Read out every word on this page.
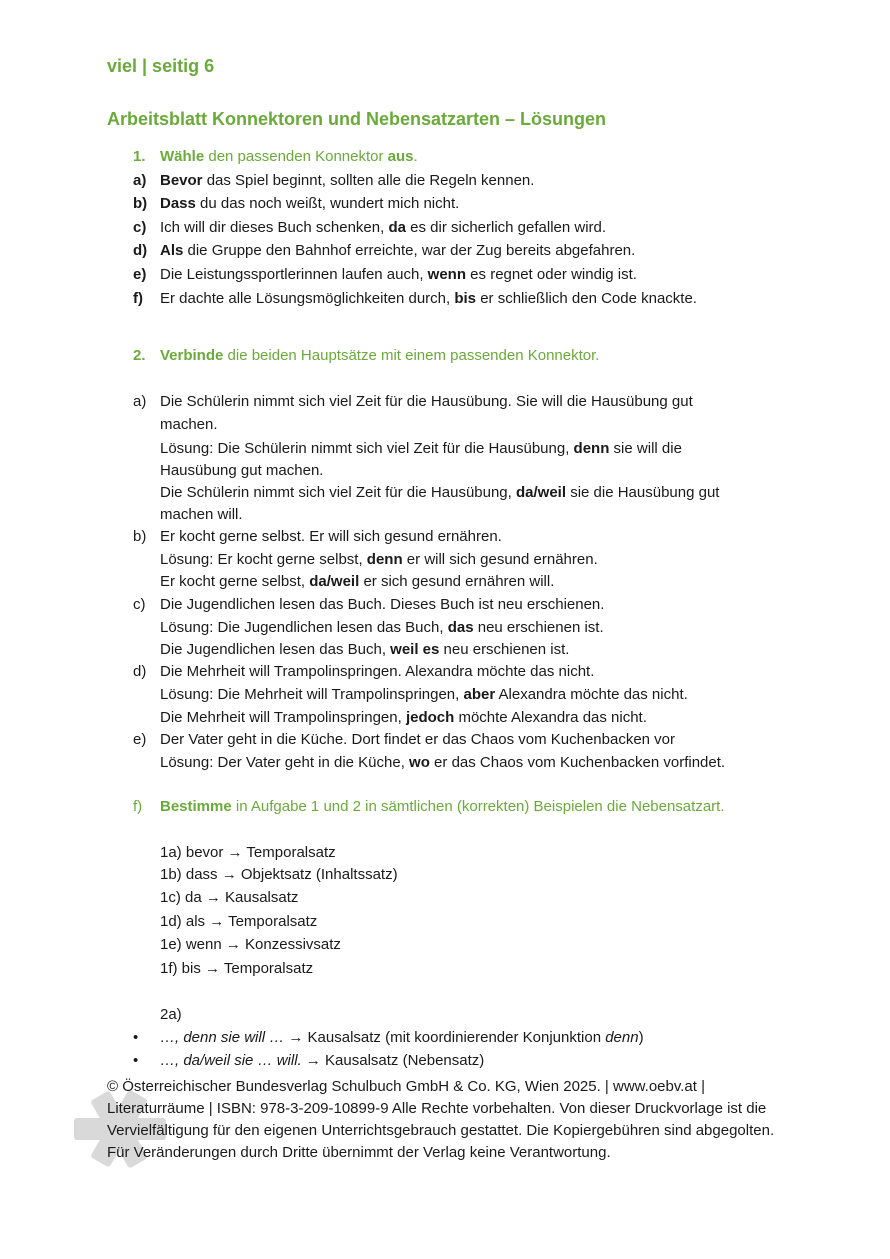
viel | seitig 6
Arbeitsblatt Konnektoren und Nebensatzarten – Lösungen
1. Wähle den passenden Konnektor aus.
a) Bevor das Spiel beginnt, sollten alle die Regeln kennen.
b) Dass du das noch weißt, wundert mich nicht.
c) Ich will dir dieses Buch schenken, da es dir sicherlich gefallen wird.
d) Als die Gruppe den Bahnhof erreichte, war der Zug bereits abgefahren.
e) Die Leistungssportlerinnen laufen auch, wenn es regnet oder windig ist.
f) Er dachte alle Lösungsmöglichkeiten durch, bis er schließlich den Code knackte.
2. Verbinde die beiden Hauptsätze mit einem passenden Konnektor.
a) Die Schülerin nimmt sich viel Zeit für die Hausübung. Sie will die Hausübung gut
machen.
Lösung: Die Schülerin nimmt sich viel Zeit für die Hausübung, denn sie will die
Hausübung gut machen.
Die Schülerin nimmt sich viel Zeit für die Hausübung, da/weil sie die Hausübung gut
machen will.
b) Er kocht gerne selbst. Er will sich gesund ernähren.
Lösung: Er kocht gerne selbst, denn er will sich gesund ernähren.
Er kocht gerne selbst, da/weil er sich gesund ernähren will.
c) Die Jugendlichen lesen das Buch. Dieses Buch ist neu erschienen.
Lösung: Die Jugendlichen lesen das Buch, das neu erschienen ist.
Die Jugendlichen lesen das Buch, weil es neu erschienen ist.
d) Die Mehrheit will Trampolinspringen. Alexandra möchte das nicht.
Lösung: Die Mehrheit will Trampolinspringen, aber Alexandra möchte das nicht.
Die Mehrheit will Trampolinspringen, jedoch möchte Alexandra das nicht.
e) Der Vater geht in die Küche. Dort findet er das Chaos vom Kuchenbacken vor
Lösung: Der Vater geht in die Küche, wo er das Chaos vom Kuchenbacken vorfindet.
f) Bestimme in Aufgabe 1 und 2 in sämtlichen (korrekten) Beispielen die Nebensatzart.
1a) bevor → Temporalsatz
1b) dass → Objektsatz (Inhaltssatz)
1c) da → Kausalsatz
1d) als → Temporalsatz
1e) wenn → Konzessivsatz
1f) bis → Temporalsatz
2a)
• …, denn sie will … → Kausalsatz (mit koordinierender Konjunktion denn)
• …, da/weil sie … will. → Kausalsatz (Nebensatz)
© Österreichischer Bundesverlag Schulbuch GmbH & Co. KG, Wien 2025. | www.oebv.at | Literaturräume | ISBN: 978-3-209-10899-9 Alle Rechte vorbehalten. Von dieser Druckvorlage ist die Vervielfältigung für den eigenen Unterrichtsgebrauch gestattet. Die Kopiergebühren sind abgegolten. Für Veränderungen durch Dritte übernimmt der Verlag keine Verantwortung.
